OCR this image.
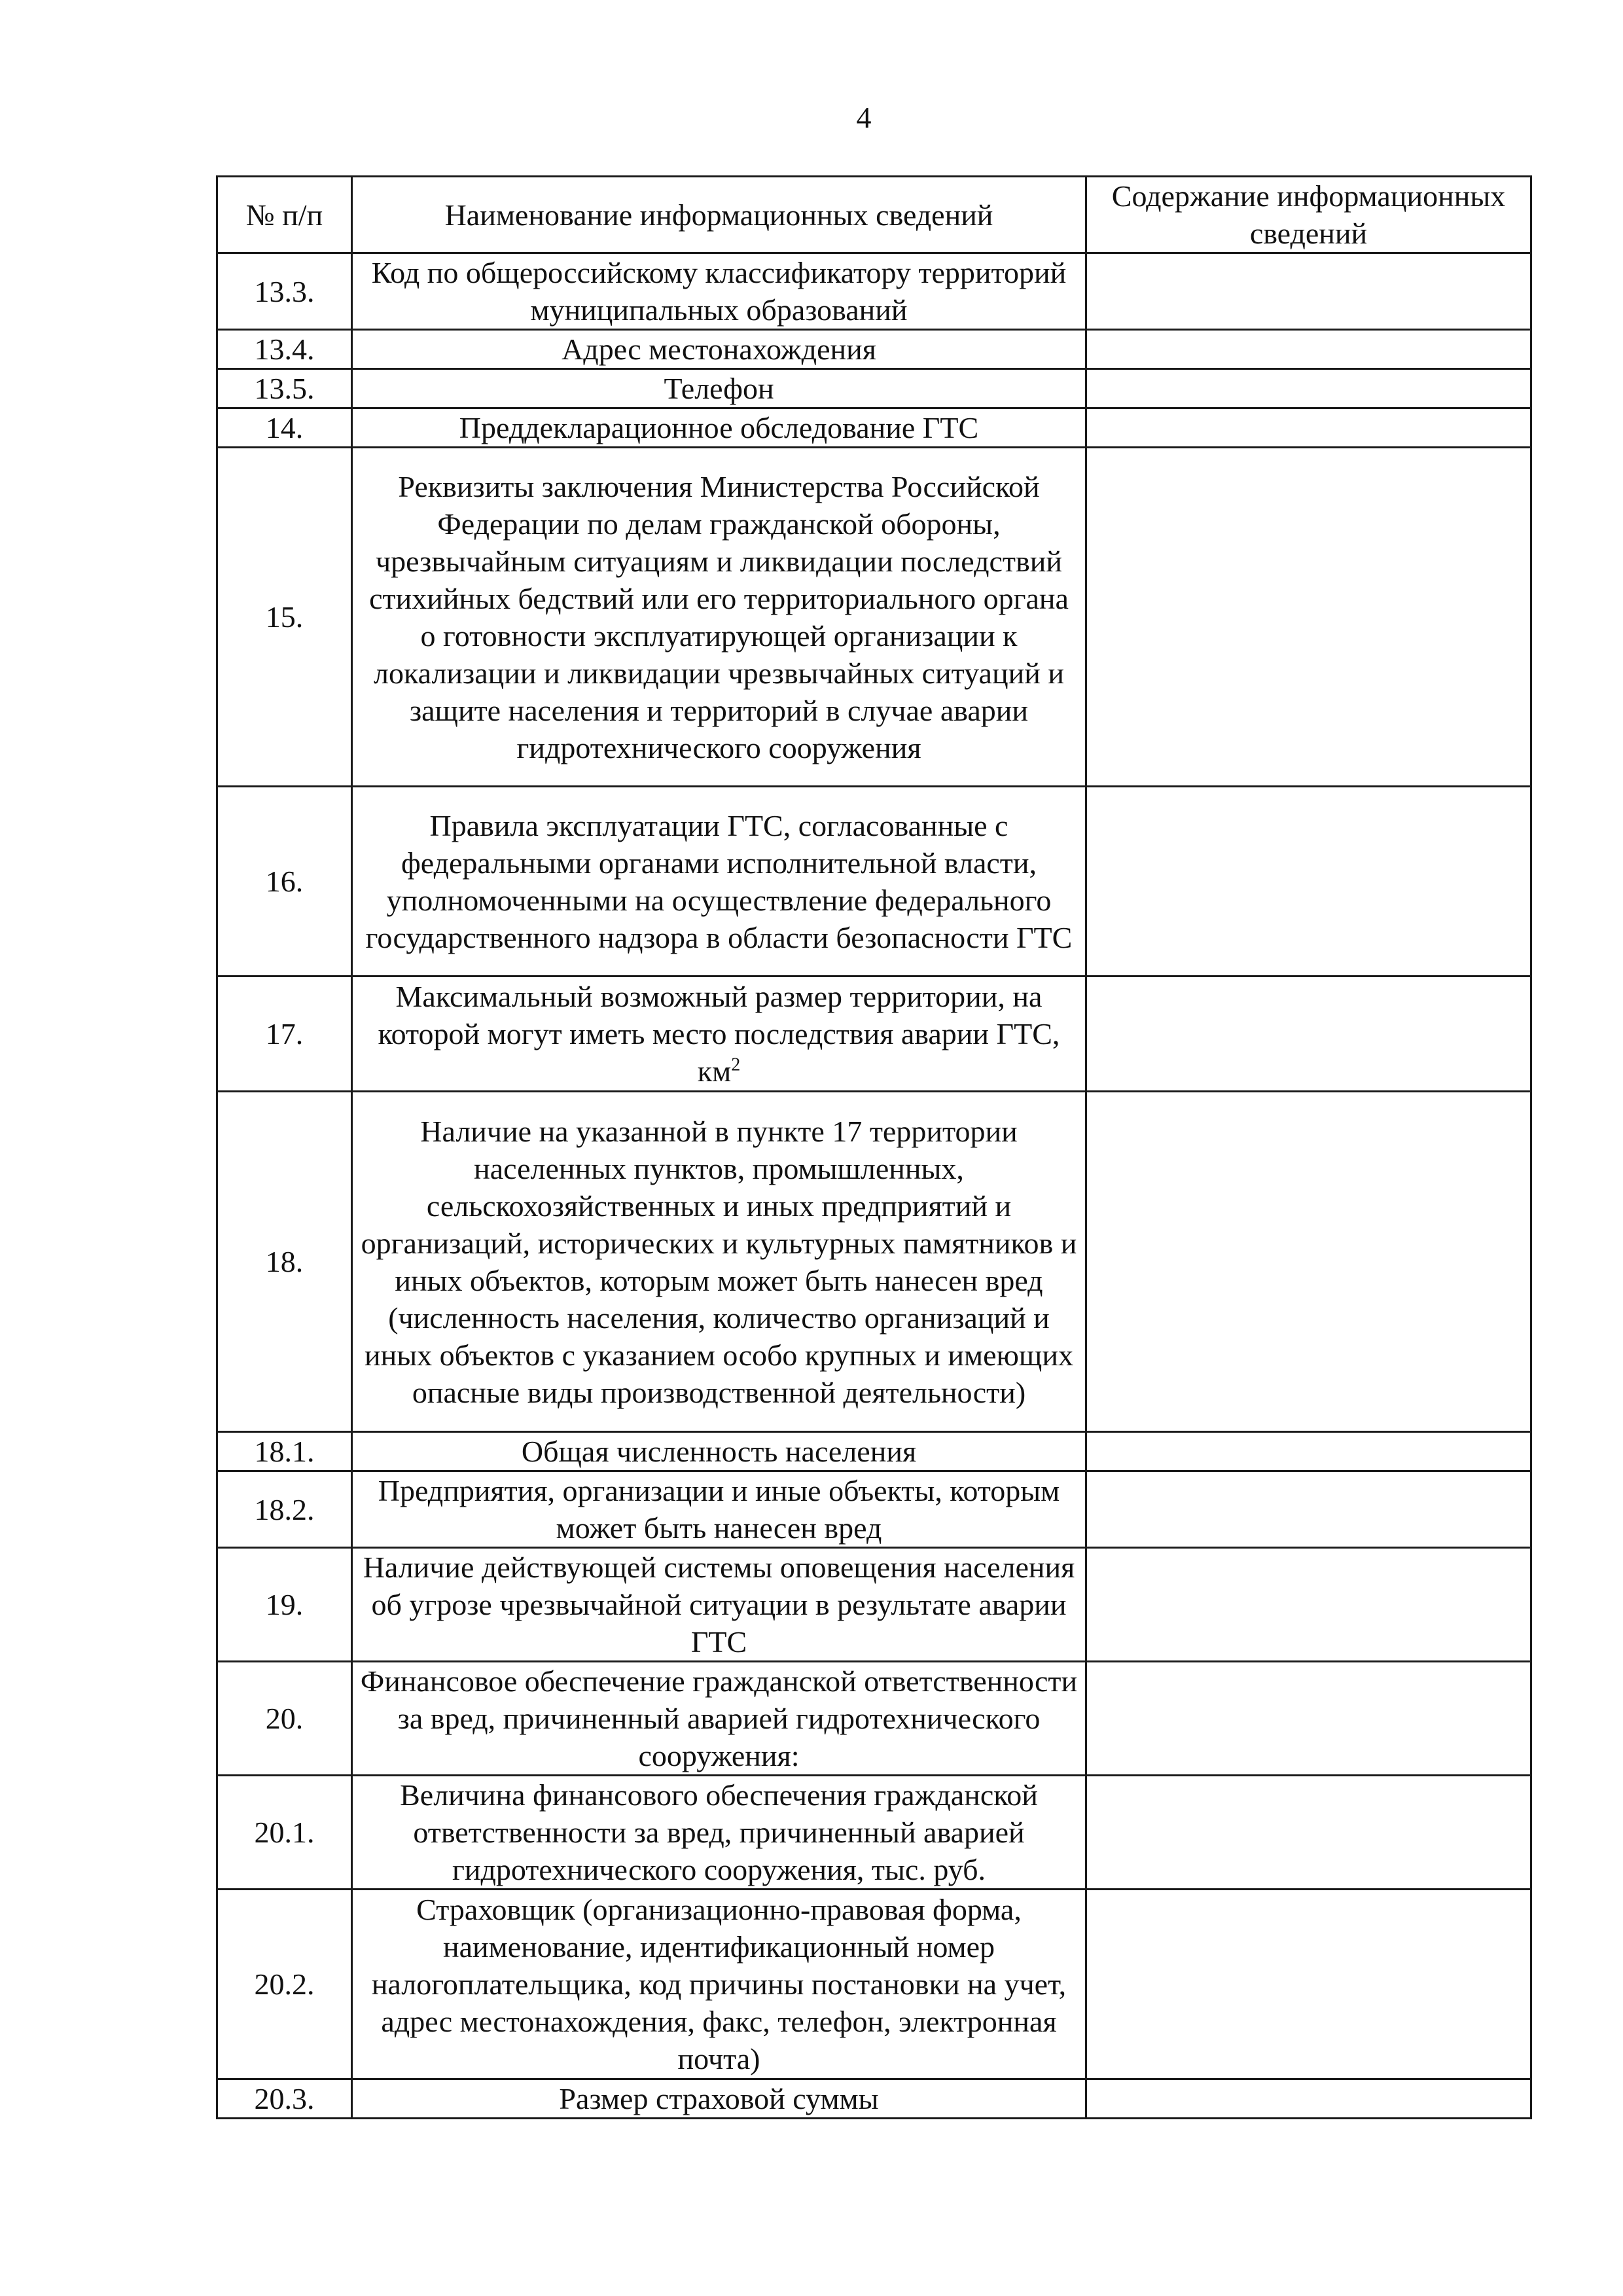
4
№ п/п	Наименование информационных сведений	Содержание информационных сведений
13.3.	Код по общероссийскому классификатору территорий муниципальных образований	
13.4.	Адрес местонахождения	
13.5.	Телефон	
14.	Преддекларационное обследование ГТС	
15.	Реквизиты заключения Министерства Российской Федерации по делам гражданской обороны, чрезвычайным ситуациям и ликвидации последствий стихийных бедствий или его территориального органа о готовности эксплуатирующей организации к локализации и ликвидации чрезвычайных ситуаций и защите населения и территорий в случае аварии гидротехнического сооружения	
16.	Правила эксплуатации ГТС, согласованные с федеральными органами исполнительной власти, уполномоченными на осуществление федерального государственного надзора в области безопасности ГТС	
17.	Максимальный возможный размер территории, на которой могут иметь место последствия аварии ГТС, $км^2$	
18.	Наличие на указанной в пункте 17 территории населенных пунктов, промышленных, сельскохозяйственных и иных предприятий и организаций, исторических и культурных памятников и иных объектов, которым может быть нанесен вред (численность населения, количество организаций и иных объектов с указанием особо крупных и имеющих опасные виды производственной деятельности)	
18.1.	Общая численность населения	
18.2.	Предприятия, организации и иные объекты, которым может быть нанесен вред	
19.	Наличие действующей системы оповещения населения об угрозе чрезвычайной ситуации в результате аварии ГТС	
20.	Финансовое обеспечение гражданской ответственности за вред, причиненный аварией гидротехнического сооружения:	
20.1.	Величина финансового обеспечения гражданской ответственности за вред, причиненный аварией гидротехнического сооружения, тыс. руб.	
20.2.	Страховщик (организационно-правовая форма, наименование, идентификационный номер налогоплательщика, код причины постановки на учет, адрес местонахождения, факс, телефон, электронная почта)	
20.3.	Размер страховой суммы	
